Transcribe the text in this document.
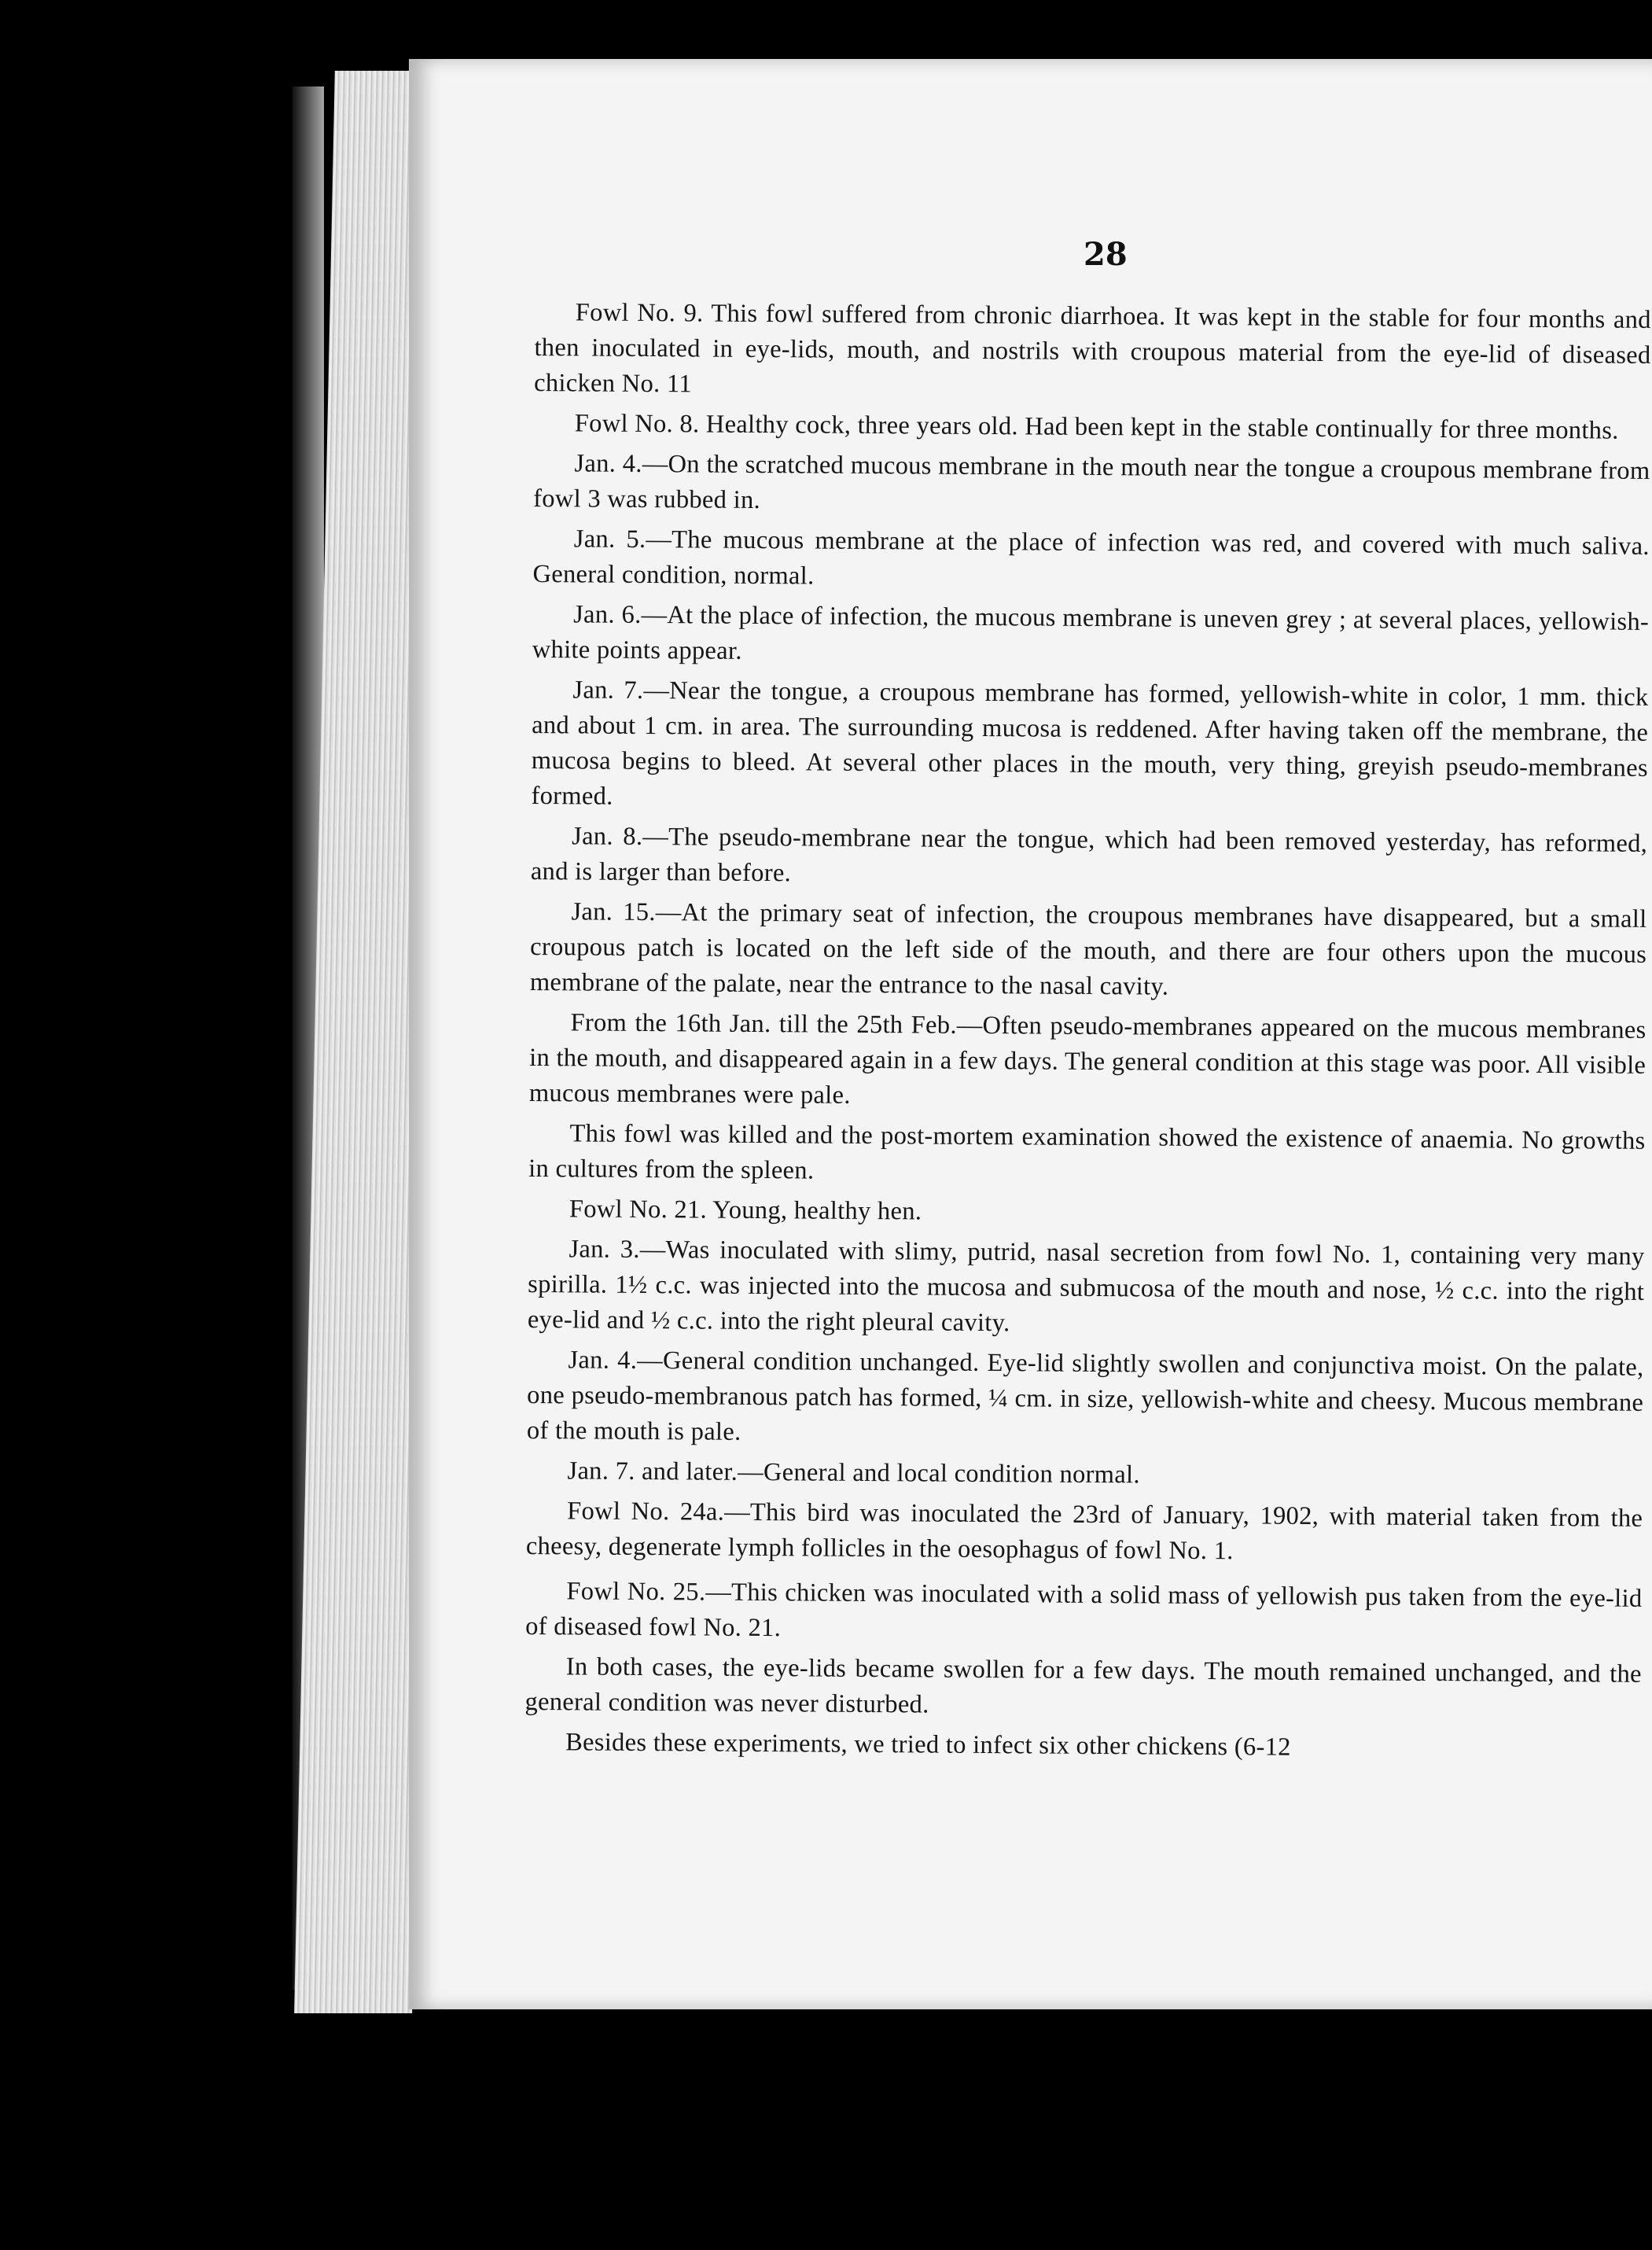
28

Fowl No. 9. This fowl suffered from chronic diarrhoea. It was kept in the stable for four months and then inoculated in eye-lids, mouth, and nostrils with croupous material from the eye-lid of diseased chicken No. 11

Fowl No. 8. Healthy cock, three years old. Had been kept in the stable continually for three months.

Jan. 4.—On the scratched mucous membrane in the mouth near the tongue a croupous membrane from fowl 3 was rubbed in.

Jan. 5.—The mucous membrane at the place of infection was red, and covered with much saliva. General condition, normal.

Jan. 6.—At the place of infection, the mucous membrane is uneven grey ; at several places, yellowish-white points appear.

Jan. 7.—Near the tongue, a croupous membrane has formed, yellowish-white in color, 1 mm. thick and about 1 cm. in area. The surrounding mucosa is reddened. After having taken off the membrane, the mucosa begins to bleed. At several other places in the mouth, very thing, greyish pseudo-membranes formed.

Jan. 8.—The pseudo-membrane near the tongue, which had been removed yesterday, has reformed, and is larger than before.

Jan. 15.—At the primary seat of infection, the croupous membranes have disappeared, but a small croupous patch is located on the left side of the mouth, and there are four others upon the mucous membrane of the palate, near the entrance to the nasal cavity.

From the 16th Jan. till the 25th Feb.—Often pseudo-membranes appeared on the mucous membranes in the mouth, and disappeared again in a few days. The general condition at this stage was poor. All visible mucous membranes were pale.

This fowl was killed and the post-mortem examination showed the existence of anaemia. No growths in cultures from the spleen.

Fowl No. 21. Young, healthy hen.

Jan. 3.—Was inoculated with slimy, putrid, nasal secretion from fowl No. 1, containing very many spirilla. 1½ c.c. was injected into the mucosa and submucosa of the mouth and nose, ½ c.c. into the right eye-lid and ½ c.c. into the right pleural cavity.

Jan. 4.—General condition unchanged. Eye-lid slightly swollen and conjunctiva moist. On the palate, one pseudo-membranous patch has formed, ¼ cm. in size, yellowish-white and cheesy. Mucous membrane of the mouth is pale.

Jan. 7. and later.—General and local condition normal.

Fowl No. 24a.—This bird was inoculated the 23rd of January, 1902, with material taken from the cheesy, degenerate lymph follicles in the oesophagus of fowl No. 1.

Fowl No. 25.—This chicken was inoculated with a solid mass of yellowish pus taken from the eye-lid of diseased fowl No. 21.

In both cases, the eye-lids became swollen for a few days. The mouth remained unchanged, and the general condition was never disturbed.

Besides these experiments, we tried to infect six other chickens (6-12
